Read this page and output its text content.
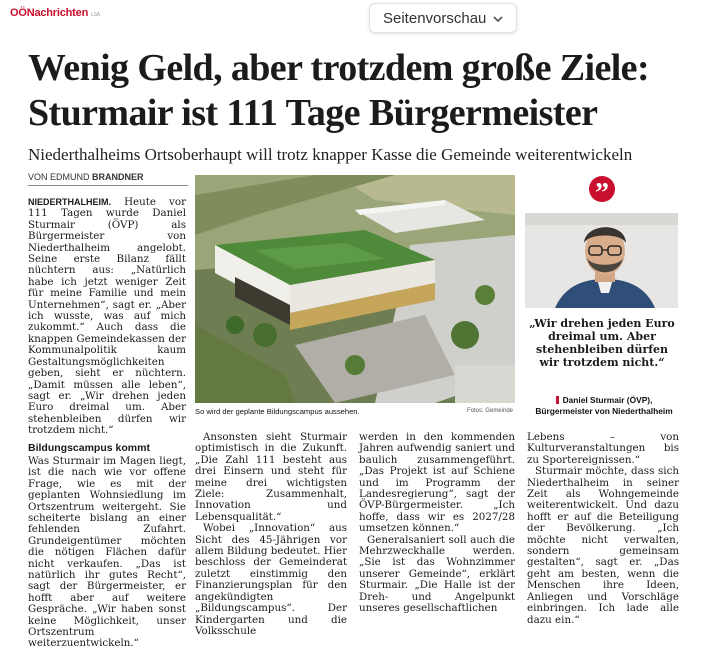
OÖNachrichten LSA	Seitenvorschau
Wenig Geld, aber trotzdem große Ziele:
Sturmair ist 111 Tage Bürgermeister
Niederthalheims Ortsoberhaupt will trotz knapper Kasse die Gemeinde weiterentwickeln
VON EDMUND BRANDNER

NIEDERTHALHEIM. Heute vor 111 Tagen wurde Daniel Sturmair (ÖVP) als Bürgermeister von Niederthalheim angelobt. Seine erste Bilanz fällt nüchtern aus: „Natürlich habe ich jetzt weniger Zeit für meine Familie und mein Unternehmen“, sagt er. „Aber ich wusste, was auf mich zukommt.“ Auch dass die knappen Gemeindekassen der Kommunalpolitik kaum Gestaltungsmöglichkeiten geben, sieht er nüchtern. „Damit müssen alle leben“, sagt er. „Wir drehen jeden Euro dreimal um. Aber stehenbleiben dürfen wir trotzdem nicht.“

Bildungscampus kommt

Was Sturmair im Magen liegt, ist die nach wie vor offene Frage, wie es mit der geplanten Wohnsiedlung im Ortszentrum weitergeht. Sie scheiterte bislang an einer fehlenden Zufahrt. Grundeigentümer möchten die nötigen Flächen dafür nicht verkaufen. „Das ist natürlich ihr gutes Recht“, sagt der Bürgermeister, er hofft aber auf weitere Gespräche. „Wir haben sonst keine Möglichkeit, unser Ortszentrum weiterzuentwickeln.“

So wird der geplante Bildungscampus aussehen.	Fotos: Gemeinde
”
„Wir drehen jeden Euro dreimal um. Aber stehenbleiben dürfen wir trotzdem nicht.“
Daniel Sturmair (ÖVP),
Bürgermeister von Niederthalheim

Ansonsten sieht Sturmair optimistisch in die Zukunft. „Die Zahl 111 besteht aus drei Einsern und steht für meine drei wichtigsten Ziele: Zusammenhalt, Innovation und Lebensqualität.“

Wobei „Innovation“ aus Sicht des 45-Jährigen vor allem Bildung bedeutet. Hier beschloss der Gemeinderat zuletzt einstimmig den Finanzierungsplan für den angekündigten „Bildungscampus“. Der Kindergarten und die Volksschule

werden in den kommenden Jahren aufwendig saniert und baulich zusammengeführt. „Das Projekt ist auf Schiene und im Programm der Landesregierung“, sagt der ÖVP-Bürgermeister. „Ich hoffe, dass wir es 2027/28 umsetzen können.“

Generalsaniert soll auch die Mehrzweckhalle werden. „Sie ist das Wohnzimmer unserer Gemeinde“, erklärt Sturmair. „Die Halle ist der Dreh- und Angelpunkt unseres gesellschaftlichen

Lebens – von Kulturveranstaltungen bis zu Sportereignissen.“

Sturmair möchte, dass sich Niederthalheim in seiner Zeit als Wohngemeinde weiterentwickelt. Und dazu hofft er auf die Beteiligung der Bevölkerung. „Ich möchte nicht verwalten, sondern gemeinsam gestalten“, sagt er. „Das geht am besten, wenn die Menschen ihre Ideen, Anliegen und Vorschläge einbringen. Ich lade alle dazu ein.“
